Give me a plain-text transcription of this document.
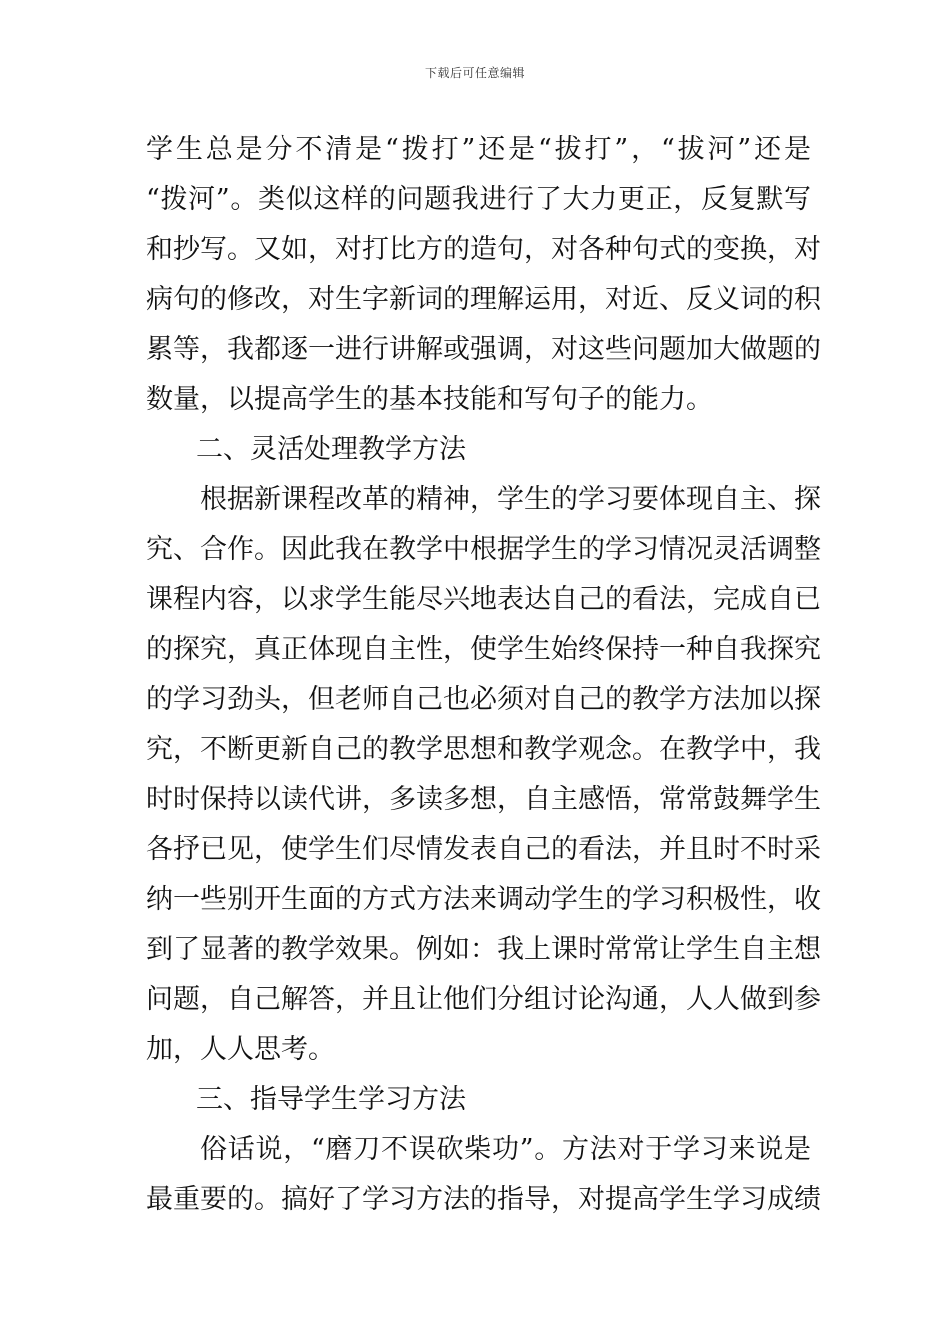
下载后可任意编辑
学生总是分不清是“拨打”还是“拔打”，“拔河”还是
“拨河”。类似这样的问题我进行了大力更正，反复默写
和抄写。又如，对打比方的造句，对各种句式的变换，对
病句的修改，对生字新词的理解运用，对近、反义词的积
累等，我都逐一进行讲解或强调，对这些问题加大做题的
数量，以提高学生的基本技能和写句子的能力。
二、灵活处理教学方法
根据新课程改革的精神，学生的学习要体现自主、探
究、合作。因此我在教学中根据学生的学习情况灵活调整
课程内容，以求学生能尽兴地表达自己的看法，完成自已
的探究，真正体现自主性，使学生始终保持一种自我探究
的学习劲头，但老师自己也必须对自己的教学方法加以探
究，不断更新自己的教学思想和教学观念。在教学中，我
时时保持以读代讲，多读多想，自主感悟，常常鼓舞学生
各抒已见，使学生们尽情发表自己的看法，并且时不时采
纳一些别开生面的方式方法来调动学生的学习积极性，收
到了显著的教学效果。例如：我上课时常常让学生自主想
问题，自己解答，并且让他们分组讨论沟通，人人做到参
加，人人思考。
三、指导学生学习方法
俗话说，“磨刀不误砍柴功”。方法对于学习来说是
最重要的。搞好了学习方法的指导，对提高学生学习成绩
